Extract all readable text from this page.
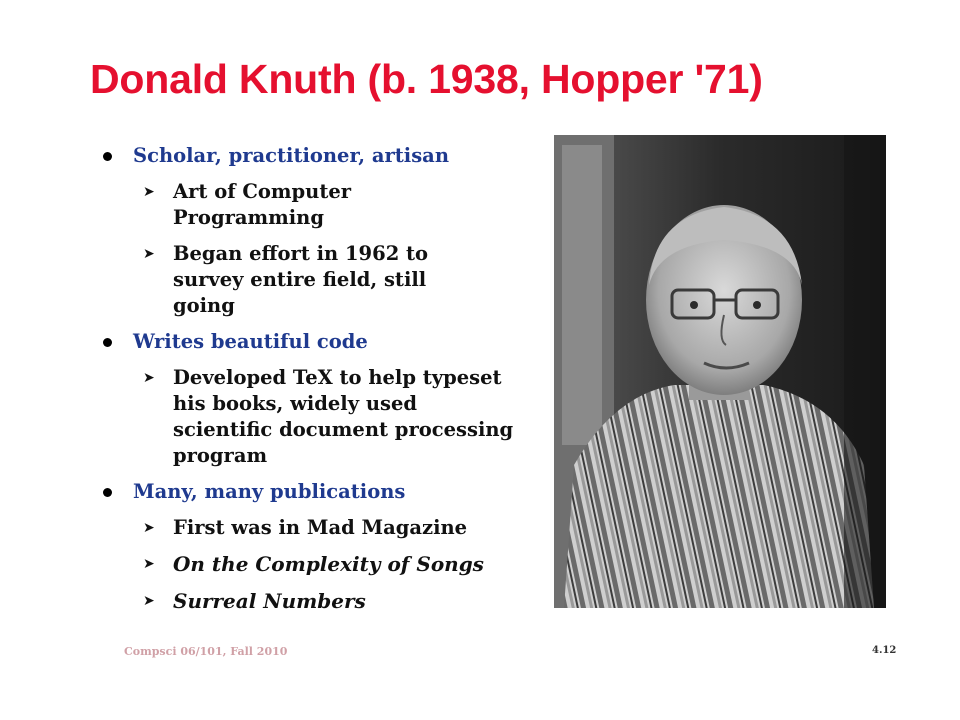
Donald Knuth (b. 1938, Hopper '71)
Scholar, practitioner, artisan
➤ Art of Computer Programming
➤ Began effort in 1962 to survey entire field, still going
Writes beautiful code
➤ Developed TeX to help typeset his books, widely used scientific document processing program
Many, many publications
➤ First was in Mad Magazine
➤ On the Complexity of Songs
➤ Surreal Numbers
Compsci 06/101, Fall 2010	4.12
